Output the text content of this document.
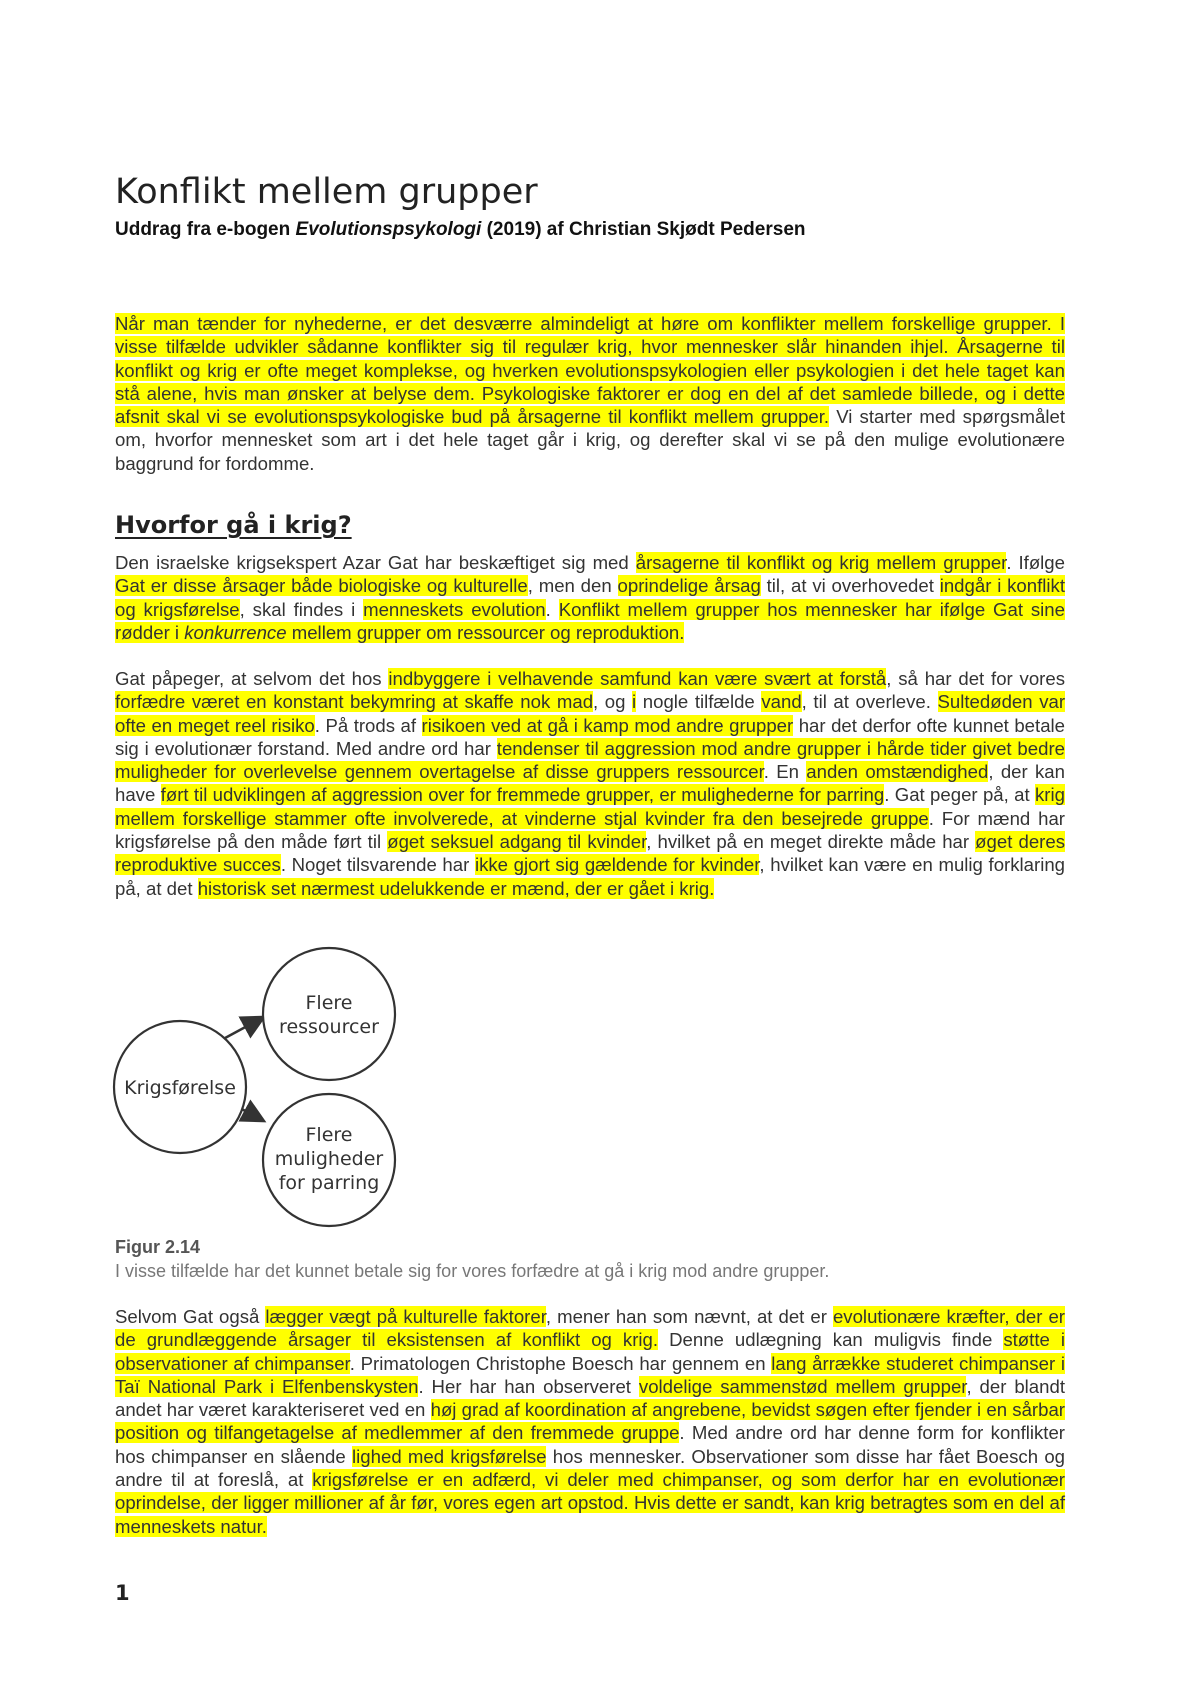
Konflikt mellem grupper

Uddrag fra e-bogen Evolutionspsykologi (2019) af Christian Skjødt Pedersen

Når man tænder for nyhederne, er det desværre almindeligt at høre om konflikter mellem forskellige grupper. I visse tilfælde udvikler sådanne konflikter sig til regulær krig, hvor mennesker slår hinanden ihjel. Årsagerne til konflikt og krig er ofte meget komplekse, og hverken evolutionspsykologien eller psykologien i det hele taget kan stå alene, hvis man ønsker at belyse dem. Psykologiske faktorer er dog en del af det samlede billede, og i dette afsnit skal vi se evolutionspsykologiske bud på årsagerne til konflikt mellem grupper. Vi starter med spørgsmålet om, hvorfor mennesket som art i det hele taget går i krig, og derefter skal vi se på den mulige evolutionære baggrund for fordomme.

Hvorfor gå i krig?

Den israelske krigsekspert Azar Gat har beskæftiget sig med årsagerne til konflikt og krig mellem grupper. Ifølge Gat er disse årsager både biologiske og kulturelle, men den oprindelige årsag til, at vi overhovedet indgår i konflikt og krigsførelse, skal findes i menneskets evolution. Konflikt mellem grupper hos mennesker har ifølge Gat sine rødder i konkurrence mellem grupper om ressourcer og reproduktion.

Gat påpeger, at selvom det hos indbyggere i velhavende samfund kan være svært at forstå, så har det for vores forfædre været en konstant bekymring at skaffe nok mad, og i nogle tilfælde vand, til at overleve. Sultedøden var ofte en meget reel risiko. På trods af risikoen ved at gå i kamp mod andre grupper har det derfor ofte kunnet betale sig i evolutionær forstand. Med andre ord har tendenser til aggression mod andre grupper i hårde tider givet bedre muligheder for overlevelse gennem overtagelse af disse gruppers ressourcer. En anden omstændighed, der kan have ført til udviklingen af aggression over for fremmede grupper, er mulighederne for parring. Gat peger på, at krig mellem forskellige stammer ofte involverede, at vinderne stjal kvinder fra den besejrede gruppe. For mænd har krigsførelse på den måde ført til øget seksuel adgang til kvinder, hvilket på en meget direkte måde har øget deres reproduktive succes. Noget tilsvarende har ikke gjort sig gældende for kvinder, hvilket kan være en mulig forklaring på, at det historisk set nærmest udelukkende er mænd, der er gået i krig.

Krigsførelse
Flere
ressourcer
Flere
muligheder
for parring

Figur 2.14

I visse tilfælde har det kunnet betale sig for vores forfædre at gå i krig mod andre grupper.

Selvom Gat også lægger vægt på kulturelle faktorer, mener han som nævnt, at det er evolutionære kræfter, der er de grundlæggende årsager til eksistensen af konflikt og krig. Denne udlægning kan muligvis finde støtte i observationer af chimpanser. Primatologen Christophe Boesch har gennem en lang årrække studeret chimpanser i Taï National Park i Elfenbenskysten. Her har han observeret voldelige sammenstød mellem grupper, der blandt andet har været karakteriseret ved en høj grad af koordination af angrebene, bevidst søgen efter fjender i en sårbar position og tilfangetagelse af medlemmer af den fremmede gruppe. Med andre ord har denne form for konflikter hos chimpanser en slående lighed med krigsførelse hos mennesker. Observationer som disse har fået Boesch og andre til at foreslå, at krigsførelse er en adfærd, vi deler med chimpanser, og som derfor har en evolutionær oprindelse, der ligger millioner af år før, vores egen art opstod. Hvis dette er sandt, kan krig betragtes som en del af menneskets natur.

1
